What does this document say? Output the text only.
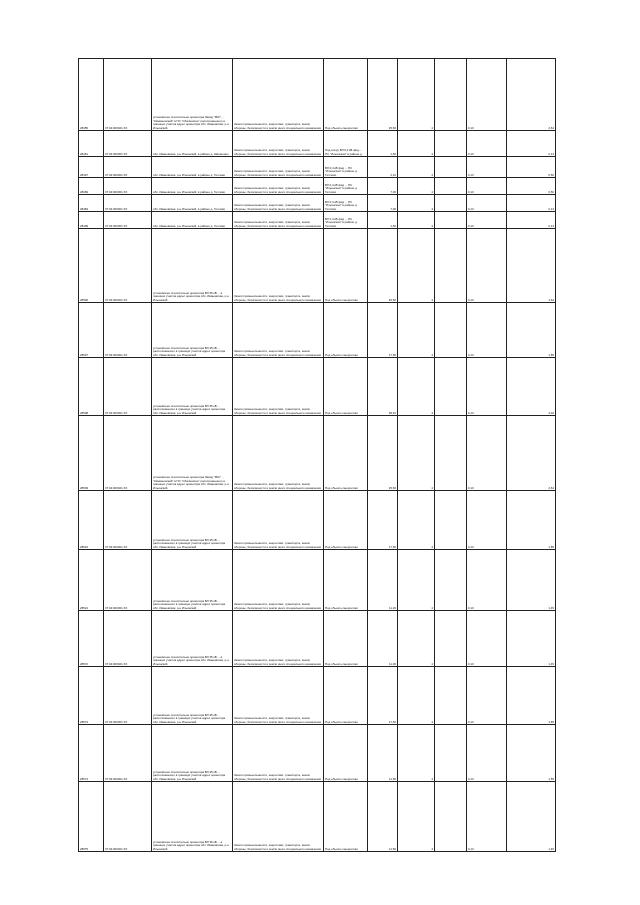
28455	37:04:000401:ХХ	установлено относительно ориентира Завод "МЖ", ... "Камашинский" в ПС "Сбалинское" расположенного в границах участка адрес ориентира обл. Ивановская, р-н Ильинский	Земли промышленности, энергетики, транспорта, земли обороны, безопасности и земли иного специального назначения	Под объекты энергетики	25,60	4		0,13	2,64
28461	37:04:000301:ХХ	обл. Ивановская, р-н Ильинский, в районе д. Шалашино	Земли промышленности, энергетики, транспорта, земли обороны, безопасности и земли иного специального назначения	Под опору ВЛ 0,4 кВ фид.... ПС "Ильинская" в районе д.	1,50	4		0,13	0,13
28467	37:04:000301:ХХ	обл. Ивановская, р-н Ильинский, в районе д. Теплово	Земли промышленности, энергетики, транспорта, земли обороны, безопасности и земли иного специального назначения	ВЛ 0,4 кВ фид ... ПС "Ильинская" в районе д. Теплово	2,10	4		0,13	0,50
28469	37:04:000301:ХХ	обл. Ивановская, р-н Ильинский, в районе д. Теплово	Земли промышленности, энергетики, транспорта, земли обороны, безопасности и земли иного специального назначения	ВЛ 0,4 кВ фид ... ПС "Ильинская" в районе д. Теплово	7,00	4		0,13	0,50
28484	37:04:000301:ХХ	обл. Ивановская, р-н Ильинский, в районе д. Теплово	Земли промышленности, энергетики, транспорта, земли обороны, безопасности и земли иного специального назначения	ВЛ 0,4 кВ фид ... ПС "Ильинская" в районе д. Теплово	7,00	4		0,13	0,13
28499	37:04:000301:ХХ	обл. Ивановская, р-н Ильинский, в районе д. Теплово	Земли промышленности, энергетики, транспорта, земли обороны, безопасности и земли иного специального назначения	ВЛ 0,4 кВ фид ... ПС "Ильинская" в районе д. Теплово	1,50	4		0,13	0,13
28506	37:04:000401:ХХ	установлено относительно ориентира ВЛ 35 кВ ... в границах участка адрес ориентира обл. Ивановская, р-н Ильинский	Земли промышленности, энергетики, транспорта, земли обороны, безопасности и земли иного специального назначения	Под объекты энергетики	84,60	4		0,13	4,64
28507	37:04:000301:ХХ	установлено относительно ориентира ВЛ 35 кВ ... расположенного в границах участка адрес ориентира обл. Ивановская, р-н Ильинский	Земли промышленности, энергетики, транспорта, земли обороны, безопасности и земли иного специального назначения	Под объекты энергетики	17,50	4		0,13	1,85
28508	37:04:000301:ХХ	установлено относительно ориентира ВЛ 35 кВ ... расположенного в границах участка адрес ориентира обл. Ивановская, р-н Ильинский	Земли промышленности, энергетики, транспорта, земли обороны, безопасности и земли иного специального назначения	Под объекты энергетики	38,91	4		0,13	3,04
28509	37:04:000401:ХХ	установлено относительно ориентира Завод "МЖ" ... "Камашинский" в ПС "Сбалинское" расположенного в границах участка адрес ориентира обл. Ивановская, р-н Ильинский	Земли промышленности, энергетики, транспорта, земли обороны, безопасности и земли иного специального назначения	Под объекты энергетики	25,60	4		0,13	2,64
28519	37:04:000301:ХХ	установлено относительно ориентира ВЛ 35 кВ ... расположенного в границах участка адрес ориентира обл. Ивановская, р-н Ильинский	Земли промышленности, энергетики, транспорта, земли обороны, безопасности и земли иного специального назначения	Под объекты энергетики	17,50	4		0,13	1,85
28521	37:04:000301:ХХ	установлено относительно ориентира ВЛ 35 кВ ... расположенного в границах участка адрес ориентира обл. Ивановская, р-н Ильинский	Земли промышленности, энергетики, транспорта, земли обороны, безопасности и земли иного специального назначения	Под объекты энергетики	11,20	4		0,13	1,45
28572	37:04:000401:ХХ	установлено относительно ориентира ВЛ 35 кВ ... в границах участка адрес ориентира обл. Ивановская, р-н Ильинский	Земли промышленности, энергетики, транспорта, земли обороны, безопасности и земли иного специального назначения	Под объекты энергетики	11,00	4		0,13	1,45
28573	37:04:000301:ХХ	установлено относительно ориентира ВЛ 35 кВ ... расположенного в границах участка адрес ориентира обл. Ивановская, р-н Ильинский	Земли промышленности, энергетики, транспорта, земли обороны, безопасности и земли иного специального назначения	Под объекты энергетики	17,50	4		0,13	1,85
28574	37:04:000301:ХХ	установлено относительно ориентира ВЛ 35 кВ ... расположенного в границах участка адрес ориентира обл. Ивановская, р-н Ильинский	Земли промышленности, энергетики, транспорта, земли обороны, безопасности и земли иного специального назначения	Под объекты энергетики	11,50	4		0,13	1,55
28575	37:04:000401:ХХ	установлено относительно ориентира ВЛ 35 кВ ... в границах участка адрес ориентира обл. Ивановская, р-н Ильинский	Земли промышленности, энергетики, транспорта, земли обороны, безопасности и земли иного специального назначения	Под объекты энергетики	11,50	4		0,13	1,45
